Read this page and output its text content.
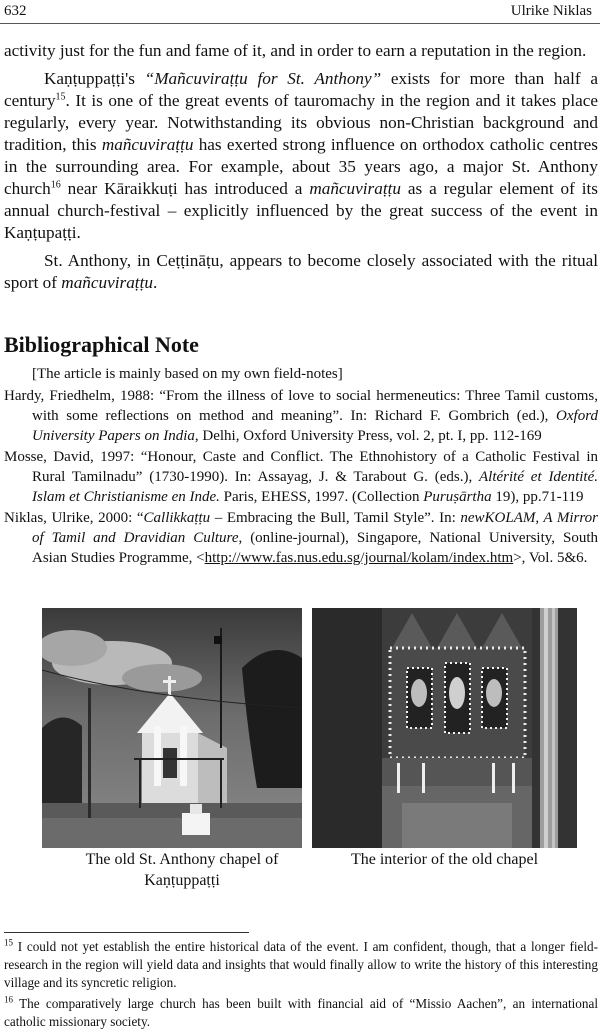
632	Ulrike Niklas

activity just for the fun and fame of it, and in order to earn a reputation in the region.

Kaṇṭuppaṭṭi's “Mañcuviraṭṭu for St. Anthony” exists for more than half a century$^{15}$. It is one of the great events of tauromachy in the region and it takes place regularly, every year. Notwithstanding its obvious non-Christian background and tradition, this mañcuviraṭṭu has exerted strong influence on orthodox catholic centres in the surrounding area. For example, about 35 years ago, a major St. Anthony church$^{16}$ near Kāraikkuṭi has introduced a mañcuviraṭṭu as a regular element of its annual church-festival – explicitly influenced by the great success of the event in Kaṇṭupaṭṭi.

St. Anthony, in Ceṭṭināṭu, appears to become closely associated with the ritual sport of mañcuviraṭṭu.

Bibliographical Note

[The article is mainly based on my own field-notes]

Hardy, Friedhelm, 1988: “From the illness of love to social hermeneutics: Three Tamil customs, with some reflections on method and meaning”. In: Richard F. Gombrich (ed.), Oxford University Papers on India, Delhi, Oxford University Press, vol. 2, pt. I, pp. 112-169

Mosse, David, 1997: “Honour, Caste and Conflict. The Ethnohistory of a Catholic Festival in Rural Tamilnadu” (1730-1990). In: Assayag, J. & Tarabout G. (eds.), Altérité et Identité. Islam et Christianisme en Inde. Paris, EHESS, 1997. (Collection Puruṣārtha 19), pp.71-119

Niklas, Ulrike, 2000: “Callikkaṭṭu – Embracing the Bull, Tamil Style”. In: newKOLAM, A Mirror of Tamil and Dravidian Culture, (online-journal), Singapore, National University, South Asian Studies Programme, <http://www.fas.nus.edu.sg/journal/kolam/index.htm>, Vol. 5&6.

The old St. Anthony chapel of Kaṇṭuppaṭṭi
The interior of the old chapel

$^{15}$ I could not yet establish the entire historical data of the event. I am confident, though, that a longer field-research in the region will yield data and insights that would finally allow to write the history of this interesting village and its syncretic religion.

$^{16}$ The comparatively large church has been built with financial aid of “Missio Aachen”, an international catholic missionary society.
